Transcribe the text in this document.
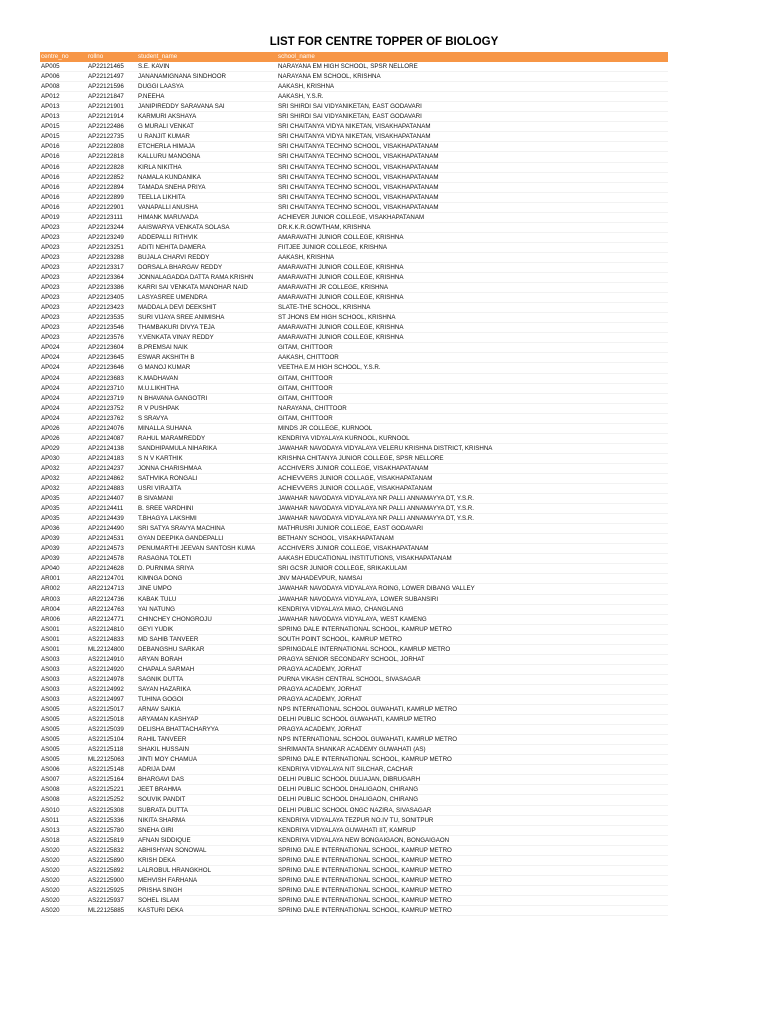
LIST FOR CENTRE TOPPER OF BIOLOGY
centre_no	rollno	student_name	school_name
AP005	AP22121465	S.E. KAVIN	NARAYANA EM HIGH SCHOOL, SPSR NELLORE
AP006	AP22121497	JANANAMIGNANA SINDHOOR	NARAYANA EM SCHOOL, KRISHNA
AP008	AP22121596	DUGGI LAASYA	AAKASH, KRISHNA
AP012	AP22121847	P.NEEHA	AAKASH, Y.S.R.
AP013	AP22121901	JANIPIREDDY SARAVANA SAI	SRI SHIRDI SAI VIDYANIKETAN, EAST GODAVARI
AP013	AP22121914	KARMURI AKSHAYA	SRI SHIRDI SAI VIDYANIKETAN, EAST GODAVARI
AP015	AP22122486	G MURALI VENKAT	SRI CHAITANYA VIDYA NIKETAN, VISAKHAPATANAM
AP015	AP22122735	U RANJIT KUMAR	SRI CHAITANYA VIDYA NIKETAN, VISAKHAPATANAM
AP016	AP22122808	ETCHERLA HIMAJA	SRI CHAITANYA TECHNO SCHOOL, VISAKHAPATANAM
AP016	AP22122818	KALLURU MANOGNA	SRI CHAITANYA TECHNO SCHOOL, VISAKHAPATANAM
AP016	AP22122828	KIRLA NIKITHA	SRI CHAITANYA TECHNO SCHOOL, VISAKHAPATANAM
AP016	AP22122852	NAMALA KUNDANIKA	SRI CHAITANYA TECHNO SCHOOL, VISAKHAPATANAM
AP016	AP22122894	TAMADA SNEHA PRIYA	SRI CHAITANYA TECHNO SCHOOL, VISAKHAPATANAM
AP016	AP22122899	TEELLA LIKHITA	SRI CHAITANYA TECHNO SCHOOL, VISAKHAPATANAM
AP016	AP22122901	VANAPALLI ANUSHA	SRI CHAITANYA TECHNO SCHOOL, VISAKHAPATANAM
AP019	AP22123111	HIMANK MARUVADA	ACHIEVER JUNIOR COLLEGE, VISAKHAPATANAM
AP023	AP22123244	AAISWARYA VENKATA SOLASA	DR.K.K.R.GOWTHAM, KRISHNA
AP023	AP22123249	ADDEPALLI RITHVIK	AMARAVATHI JUNIOR COLLEGE, KRISHNA
AP023	AP22123251	ADITI NEHITA DAMERA	FIITJEE JUNIOR COLLEGE, KRISHNA
AP023	AP22123288	BUJALA CHARVI REDDY	AAKASH, KRISHNA
AP023	AP22123317	DORSALA BHARGAV REDDY	AMARAVATHI JUNIOR COLLEGE, KRISHNA
AP023	AP22123364	JONNALAGADDA DATTA RAMA KRISHN	AMARAVATHI JUNIOR COLLEGE, KRISHNA
AP023	AP22123386	KARRI SAI VENKATA MANOHAR NAID	AMARAVATHI JR COLLEGE, KRISHNA
AP023	AP22123405	LASYASREE UMENDRA	AMARAVATHI JUNIOR COLLEGE, KRISHNA
AP023	AP22123423	MADDALA DEVI DEEKSHIT	SLATE-THE SCHOOL, KRISHNA
AP023	AP22123535	SURI VIJAYA SREE ANIMISHA	ST JHONS EM HIGH SCHOOL, KRISHNA
AP023	AP22123546	THAMBAKURI DIVYA TEJA	AMARAVATHI JUNIOR COLLEGE, KRISHNA
AP023	AP22123576	Y.VENKATA VINAY REDDY	AMARAVATHI JUNIOR COLLEGE, KRISHNA
AP024	AP22123604	B.PREMSAI NAIK	GITAM, CHITTOOR
AP024	AP22123645	ESWAR AKSHITH B	AAKASH, CHITTOOR
AP024	AP22123646	G MANOJ KUMAR	VEETHA E.M HIGH SCHOOL, Y.S.R.
AP024	AP22123683	K.MADHAVAN	GITAM, CHITTOOR
AP024	AP22123710	M.U.LIKHITHA	GITAM, CHITTOOR
AP024	AP22123719	N BHAVANA GANGOTRI	GITAM, CHITTOOR
AP024	AP22123752	R V PUSHPAK	NARAYANA, CHITTOOR
AP024	AP22123762	S SRAVYA	GITAM, CHITTOOR
AP026	AP22124076	MINALLA SUHANA	MINDS JR COLLEGE, KURNOOL
AP026	AP22124087	RAHUL MARAMREDDY	KENDRIYA VIDYALAYA KURNOOL, KURNOOL
AP029	AP22124138	SANDHIPAMULA NIHARIKA	JAWAHAR NAVODAYA VIDYALAYA VELERU KRISHNA DISTRICT, KRISHNA
AP030	AP22124183	S N V KARTHIK	KRISHNA CHITANYA JUNIOR COLLEGE, SPSR NELLORE
AP032	AP22124237	JONNA CHARISHMAA	ACCHIVERS JUNIOR COLLEGE, VISAKHAPATANAM
AP032	AP22124862	SATHVIKA RONGALI	ACHIEVVERS JUNIOR COLLAGE, VISAKHAPATANAM
AP032	AP22124883	USRI VIRAJITA	ACHIEVVERS JUNIOR COLLAGE, VISAKHAPATANAM
AP035	AP22124407	B SIVAMANI	JAWAHAR NAVODAYA VIDYALAYA NR PALLI ANNAMAYYA DT, Y.S.R.
AP035	AP22124411	B. SREE VARDHINI	JAWAHAR NAVODAYA VIDYALAYA NR PALLI ANNAMAYYA DT, Y.S.R.
AP035	AP22124439	T.BHAGYA LAKSHMI	JAWAHAR NAVODAYA VIDYALAYA NR PALLI ANNAMAYYA DT, Y.S.R.
AP036	AP22124490	SRI SATYA SRAVYA MACHINA	MATHRUSRI JUNIOR COLLEGE, EAST GODAVARI
AP039	AP22124531	GYAN DEEPIKA GANDEPALLI	BETHANY SCHOOL, VISAKHAPATANAM
AP039	AP22124573	PENUMARTHI JEEVAN SANTOSH KUMA	ACCHIVERS JUNIOR COLLEGE, VISAKHAPATANAM
AP039	AP22124578	RASAGNA TOLETI	AAKASH EDUCATIONAL INSTITUTIONS, VISAKHAPATANAM
AP040	AP22124628	D. PURNIMA SRIYA	SRI GCSR JUNIOR COLLEGE, SRIKAKULAM
AR001	AR22124701	KIMNGA DONG	JNV MAHADEVPUR, NAMSAI
AR002	AR22124713	JINE UMPO	JAWAHAR NAVODAYA VIDYALAYA ROING, LOWER DIBANG VALLEY
AR003	AR22124736	KABAK TULU	JAWAHAR NAVODAYA VIDYALAYA, LOWER SUBANSIRI
AR004	AR22124763	YAI NATUNG	KENDRIYA VIDYALAYA MIAO, CHANGLANG
AR006	AR22124771	CHINCHEY CHONGROJU	JAWAHAR NAVODAYA VIDYALAYA, WEST KAMENG
AS001	AS22124810	GEYI YUDIK	SPRING DALE INTERNATIONAL SCHOOL, KAMRUP METRO
AS001	AS22124833	MD SAHIB TANVEER	SOUTH POINT SCHOOL, KAMRUP METRO
AS001	ML22124800	DEBANGSHU SARKAR	SPRINGDALE INTERNATIONAL SCHOOL, KAMRUP METRO
AS003	AS22124910	ARYAN BORAH	PRAGYA SENIOR SECONDARY SCHOOL, JORHAT
AS003	AS22124920	CHAPALA SARMAH	PRAGYA ACADEMY, JORHAT
AS003	AS22124978	SAGNIK DUTTA	PURNA VIKASH CENTRAL SCHOOL, SIVASAGAR
AS003	AS22124992	SAYAN HAZARIKA	PRAGYA ACADEMY, JORHAT
AS003	AS22124997	TUHINA GOGOI	PRAGYA ACADEMY, JORHAT
AS005	AS22125017	ARNAV SAIKIA	NPS INTERNATIONAL SCHOOL GUWAHATI, KAMRUP METRO
AS005	AS22125018	ARYAMAN KASHYAP	DELHI PUBLIC SCHOOL GUWAHATI, KAMRUP METRO
AS005	AS22125039	DELISHA BHATTACHARYYA	PRAGYA ACADEMY, JORHAT
AS005	AS22125104	RAHIL TANVEER	NPS INTERNATIONAL SCHOOL GUWAHATI, KAMRUP METRO
AS005	AS22125118	SHAKIL HUSSAIN	SHRIMANTA SHANKAR ACADEMY GUWAHATI (AS)
AS005	ML22125063	JINTI MOY CHAMUA	SPRING DALE INTERNATIONAL SCHOOL, KAMRUP METRO
AS006	AS22125148	ADRIJA DAM	KENDRIYA VIDYALAYA NIT SILCHAR, CACHAR
AS007	AS22125164	BHARGAVI DAS	DELHI PUBLIC SCHOOL DULIAJAN, DIBRUGARH
AS008	AS22125221	JEET BRAHMA	DELHI PUBLIC SCHOOL DHALIGAON, CHIRANG
AS008	AS22125252	SOUVIK PANDIT	DELHI PUBLIC SCHOOL DHALIGAON, CHIRANG
AS010	AS22125308	SUBRATA DUTTA	DELHI PUBLIC SCHOOL ONGC NAZIRA, SIVASAGAR
AS011	AS22125336	NIKITA SHARMA	KENDRIYA VIDYALAYA TEZPUR NO.IV TU, SONITPUR
AS013	AS22125780	SNEHA GIRI	KENDRIYA VIDYALAYA GUWAHATI IIT, KAMRUP
AS018	AS22125819	AFNAN SIDDIQUE	KENDRIYA VIDYALAYA NEW BONGAIGAON, BONGAIGAON
AS020	AS22125832	ABHISHYAN SONOWAL	SPRING DALE INTERNATIONAL SCHOOL, KAMRUP METRO
AS020	AS22125890	KRISH DEKA	SPRING DALE INTERNATIONAL SCHOOL, KAMRUP METRO
AS020	AS22125892	LALROBUL HRANGKHOL	SPRING DALE INTERNATIONAL SCHOOL, KAMRUP METRO
AS020	AS22125900	MEHVISH FARHANA	SPRING DALE INTERNATIONAL SCHOOL, KAMRUP METRO
AS020	AS22125925	PRISHA SINGH	SPRING DALE INTERNATIONAL SCHOOL, KAMRUP METRO
AS020	AS22125937	SOHEL ISLAM	SPRING DALE INTERNATIONAL SCHOOL, KAMRUP METRO
AS020	ML22125885	KASTURI DEKA	SPRING DALE INTERNATIONAL SCHOOL, KAMRUP METRO
